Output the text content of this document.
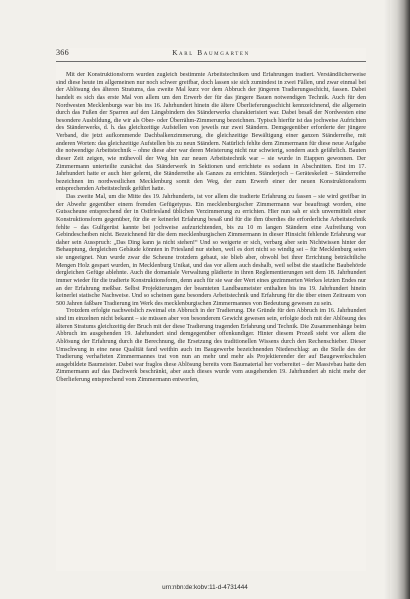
366	Karl Baumgarten

Mit der Konstruktionsform wurden zugleich bestimmte Arbeitstechniken und Erfahrungen tradiert. Verständlicherweise sind diese heute im allgemeinen nur noch schwer greifbar, doch lassen sie sich zumindest in zwei Fällen, und zwar einmal bei der Ablösung des älteren Stratums, das zweite Mal kurz vor dem Abbruch der jüngeren Tradierungsschicht, fassen. Dabei handelt es sich das erste Mal von allem um den Erwerb der für das jüngere Bauen notwendigen Technik. Auch für den Nordwesten Mecklenburgs war bis ins 16. Jahrhundert hinein die ältere Überlieferungsschicht kennzeichnend, die allgemein durch das Fußen der Sparren auf den Längsbindern des Ständerwerks charakterisiert war. Dabei besaß der Nordwesten eine besondere Ausbildung, die wir als Ober- oder Überrähm-Zimmerung bezeichnen. Typisch hierfür ist das jochweise Aufrichten des Ständerwerks, d. h. das gleichzeitige Aufstellen von jeweils nur zwei Ständern. Demgegenüber erforderte der jüngere Verband, die jetzt aufkommende Dachbalkenzimmerung, die gleichzeitige Bewältigung einer ganzen Ständerreihe, mit anderen Worten: das gleichzeitige Aufstellen bis zu neun Ständern. Natürlich fehlte dem Zimmermann für diese neue Aufgabe die notwendige Arbeitstechnik – ohne diese aber war deren Meisterung nicht nur schwierig, sondern auch gefährlich. Bauten dieser Zeit zeigen, wie mühevoll der Weg hin zur neuen Arbeitstechnik war – sie wurde in Etappen gewonnen. Der Zimmermann unterteilte zunächst das Ständerwerk in Sektionen und errichtete es sodann in Abschnitten. Erst im 17. Jahrhundert hatte er auch hier gelernt, die Ständerreihe als Ganzes zu errichten. Ständerjoch – Geräteskelett – Ständerreihe bezeichnen im nordwestlichen Mecklenburg somit den Weg, der zum Erwerb einer der neuen Konstruktionsform entsprechenden Arbeitstechnik geführt hatte.

Das zweite Mal, um die Mitte des 19. Jahrhunderts, ist vor allem die tradierte Erfahrung zu fassen – sie wird greifbar in der Abwehr gegenüber einem fremden Gefügetypus. Ein mecklenburgischer Zimmermann war beauftragt worden, eine Gutsscheune entsprechend der in Ostfriesland üblichen Verzimmerung zu errichten. Hier nun sah er sich unvermittelt einer Konstruktionsform gegenüber, für die er keinerlei Erfahrung besaß und für die ihm überdies die erforderliche Arbeitstechnik fehlte – das Gulfgerüst kannte bei jochweise aufzurichtenden, bis zu 10 m langen Ständern eine Aufreihung von Gebindescheiben nicht. Bezeichnend für die dem mecklenburgischen Zimmermann in dieser Hinsicht fehlende Erfahrung war daher sein Ausspruch: „Das Ding kann ja nicht stehen!“ Und so weigerte er sich, verbarg aber sein Nichtwissen hinter der Behauptung, dergleichen Gebäude könnten in Friesland nur stehen, weil es dort nicht so windig sei – für Mecklenburg seien sie ungeeignet. Nun wurde zwar die Scheune trotzdem gebaut, sie blieb aber, obwohl bei ihrer Errichtung beträchtliche Mengen Holz gespart wurden, in Mecklenburg Unikat, und das vor allem auch deshalb, weil selbst die staatliche Baubehörde dergleichen Gefüge ablehnte. Auch die domaniale Verwaltung plädierte in ihren Reglementierungen seit dem 18. Jahrhundert immer wieder für die tradierte Konstruktionsform, denn auch für sie war der Wert eines gezimmerten Werkes letzten Endes nur an der Erfahrung meßbar. Selbst Projektierungen der beamteten Landbaumeister enthalten bis ins 19. Jahrhundert hinein keinerlei statische Nachweise. Und so scheinen ganz besonders Arbeitstechnik und Erfahrung für die über einen Zeitraum von 500 Jahren faßbare Tradierung im Werk des mecklenburgischen Zimmermannes von Bedeutung gewesen zu sein.

Trotzdem erfolgte nachweislich zweimal ein Abbruch in der Tradierung. Die Gründe für den Abbruch im 16. Jahrhundert sind im einzelnen nicht bekannt – sie müssen aber von besonderem Gewicht gewesen sein, erfolgte doch mit der Ablösung des älteren Stratums gleichzeitig der Bruch mit der diese Tradierung tragenden Erfahrung und Technik. Die Zusammenhänge beim Abbruch im ausgehenden 19. Jahrhundert sind demgegenüber offenkundiger. Hinter diesem Prozeß steht vor allem die Ablösung der Erfahrung durch die Berechnung, die Ersetzung des traditionellen Wissens durch den Rechenschieber. Dieser Umschwung in eine neue Qualität fand weithin auch im Baugewerbe bezeichnenden Niederschlag: an die Stelle des der Tradierung verhafteten Zimmermannes trat von nun an mehr und mehr als Projektierender der auf Baugewerkschulen ausgebildete Baumeister. Dabei war fraglos diese Ablösung bereits vom Baumaterial her vorbereitet – der Massivbau hatte den Zimmermann auf das Dachwerk beschränkt, aber auch dieses wurde vom ausgehenden 19. Jahrhundert ab nicht mehr der Überlieferung entsprechend vom Zimmermann entworfen,

urn:nbn:de:kobv:11-d-4731444
